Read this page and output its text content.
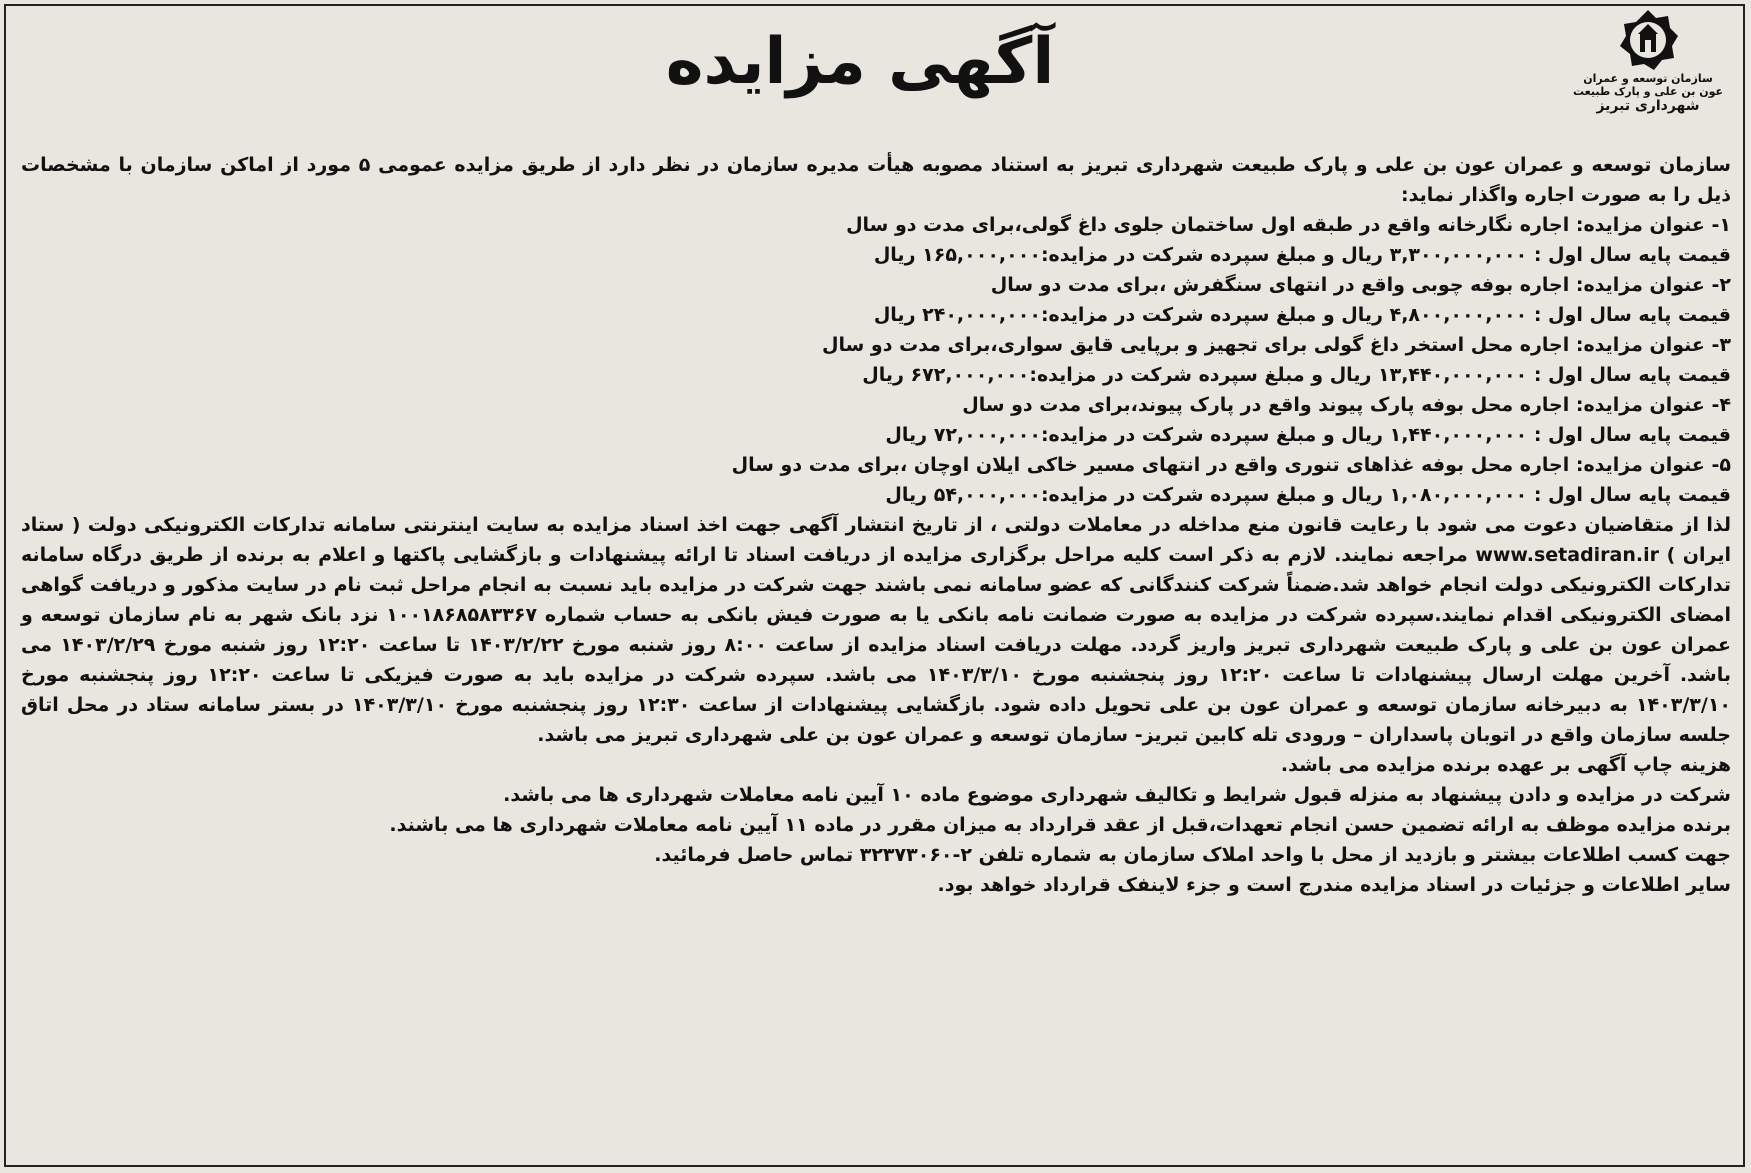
سازمان توسعه و عمران
عون بن علی و پارک طبیعت
شهرداری تبریز
آگهی مزایده

سازمان توسعه و عمران عون بن علی و پارک طبیعت شهرداری تبریز به استناد مصوبه هیأت مدیره سازمان در نظر دارد از طریق مزایده عمومی ۵ مورد از اماکن سازمان با مشخصات ذیل را به صورت اجاره واگذار نماید:

۱- عنوان مزایده: اجاره نگارخانه واقع در طبقه اول ساختمان جلوی داغ گولی،برای مدت دو سال

قیمت پایه سال اول : ۳,۳۰۰,۰۰۰,۰۰۰ ریال و مبلغ سپرده شرکت در مزایده:۱۶۵,۰۰۰,۰۰۰ ریال

۲- عنوان مزایده: اجاره بوفه چوبی واقع در انتهای سنگفرش ،برای مدت دو سال

قیمت پایه سال اول : ۴,۸۰۰,۰۰۰,۰۰۰ ریال و مبلغ سپرده شرکت در مزایده:۲۴۰,۰۰۰,۰۰۰ ریال

۳- عنوان مزایده: اجاره محل استخر داغ گولی برای تجهیز و برپایی قایق سواری،برای مدت دو سال

قیمت پایه سال اول : ۱۳,۴۴۰,۰۰۰,۰۰۰ ریال و مبلغ سپرده شرکت در مزایده:۶۷۲,۰۰۰,۰۰۰ ریال

۴- عنوان مزایده: اجاره محل بوفه پارک پیوند واقع در پارک پیوند،برای مدت دو سال

قیمت پایه سال اول : ۱,۴۴۰,۰۰۰,۰۰۰ ریال و مبلغ سپرده شرکت در مزایده:۷۲,۰۰۰,۰۰۰ ریال

۵- عنوان مزایده: اجاره محل بوفه غذاهای تنوری واقع در انتهای مسیر خاکی ایلان اوچان ،برای مدت دو سال

قیمت پایه سال اول : ۱,۰۸۰,۰۰۰,۰۰۰ ریال و مبلغ سپرده شرکت در مزایده:۵۴,۰۰۰,۰۰۰ ریال

لذا از متقاضیان دعوت می شود با رعایت قانون منع مداخله در معاملات دولتی ، از تاریخ انتشار آگهی جهت اخذ اسناد مزایده به سایت اینترنتی سامانه تدارکات الکترونیکی دولت ( ستاد ایران ) www.setadiran.ir مراجعه نمایند. لازم به ذکر است کلیه مراحل برگزاری مزایده از دریافت اسناد تا ارائه پیشنهادات و بازگشایی پاکتها و اعلام به برنده از طریق درگاه سامانه تدارکات الکترونیکی دولت انجام خواهد شد.ضمناً شرکت کنندگانی که عضو سامانه نمی باشند جهت شرکت در مزایده باید نسبت به انجام مراحل ثبت نام در سایت مذکور و دریافت گواهی امضای الکترونیکی اقدام نمایند.سپرده شرکت در مزایده به صورت ضمانت نامه بانکی یا به صورت فیش بانکی به حساب شماره ۱۰۰۱۸۶۸۵۸۳۳۶۷ نزد بانک شهر به نام سازمان توسعه و عمران عون بن علی و پارک طبیعت شهرداری تبریز واریز گردد. مهلت دریافت اسناد مزایده از ساعت ۸:۰۰ روز شنبه مورخ ۱۴۰۳/۲/۲۲ تا ساعت ۱۲:۲۰ روز شنبه مورخ ۱۴۰۳/۲/۲۹ می باشد. آخرین مهلت ارسال پیشنهادات تا ساعت ۱۲:۲۰ روز پنجشنبه مورخ ۱۴۰۳/۳/۱۰ می باشد. سپرده شرکت در مزایده باید به صورت فیزیکی تا ساعت ۱۲:۲۰ روز پنجشنبه مورخ ۱۴۰۳/۳/۱۰ به دبیرخانه سازمان توسعه و عمران عون بن علی تحویل داده شود. بازگشایی پیشنهادات از ساعت ۱۲:۳۰ روز پنجشنبه مورخ ۱۴۰۳/۳/۱۰ در بستر سامانه ستاد در محل اتاق جلسه سازمان واقع در اتوبان پاسداران – ورودی تله کابین تبریز- سازمان توسعه و عمران عون بن علی شهرداری تبریز می باشد.

هزینه چاپ آگهی بر عهده برنده مزایده می باشد.

شرکت در مزایده و دادن پیشنهاد به منزله قبول شرایط و تکالیف شهرداری موضوع ماده ۱۰ آیین نامه معاملات شهرداری ها می باشد.

برنده مزایده موظف به ارائه تضمین حسن انجام تعهدات،قبل از عقد قرارداد به میزان مقرر در ماده ۱۱ آیین نامه معاملات شهرداری ها می باشند.

جهت کسب اطلاعات بیشتر و بازدید از محل با واحد املاک سازمان به شماره تلفن ۲-۳۲۳۷۳۰۶۰ تماس حاصل فرمائید.

سایر اطلاعات و جزئیات در اسناد مزایده مندرج است و جزء لاینفک قرارداد خواهد بود.
